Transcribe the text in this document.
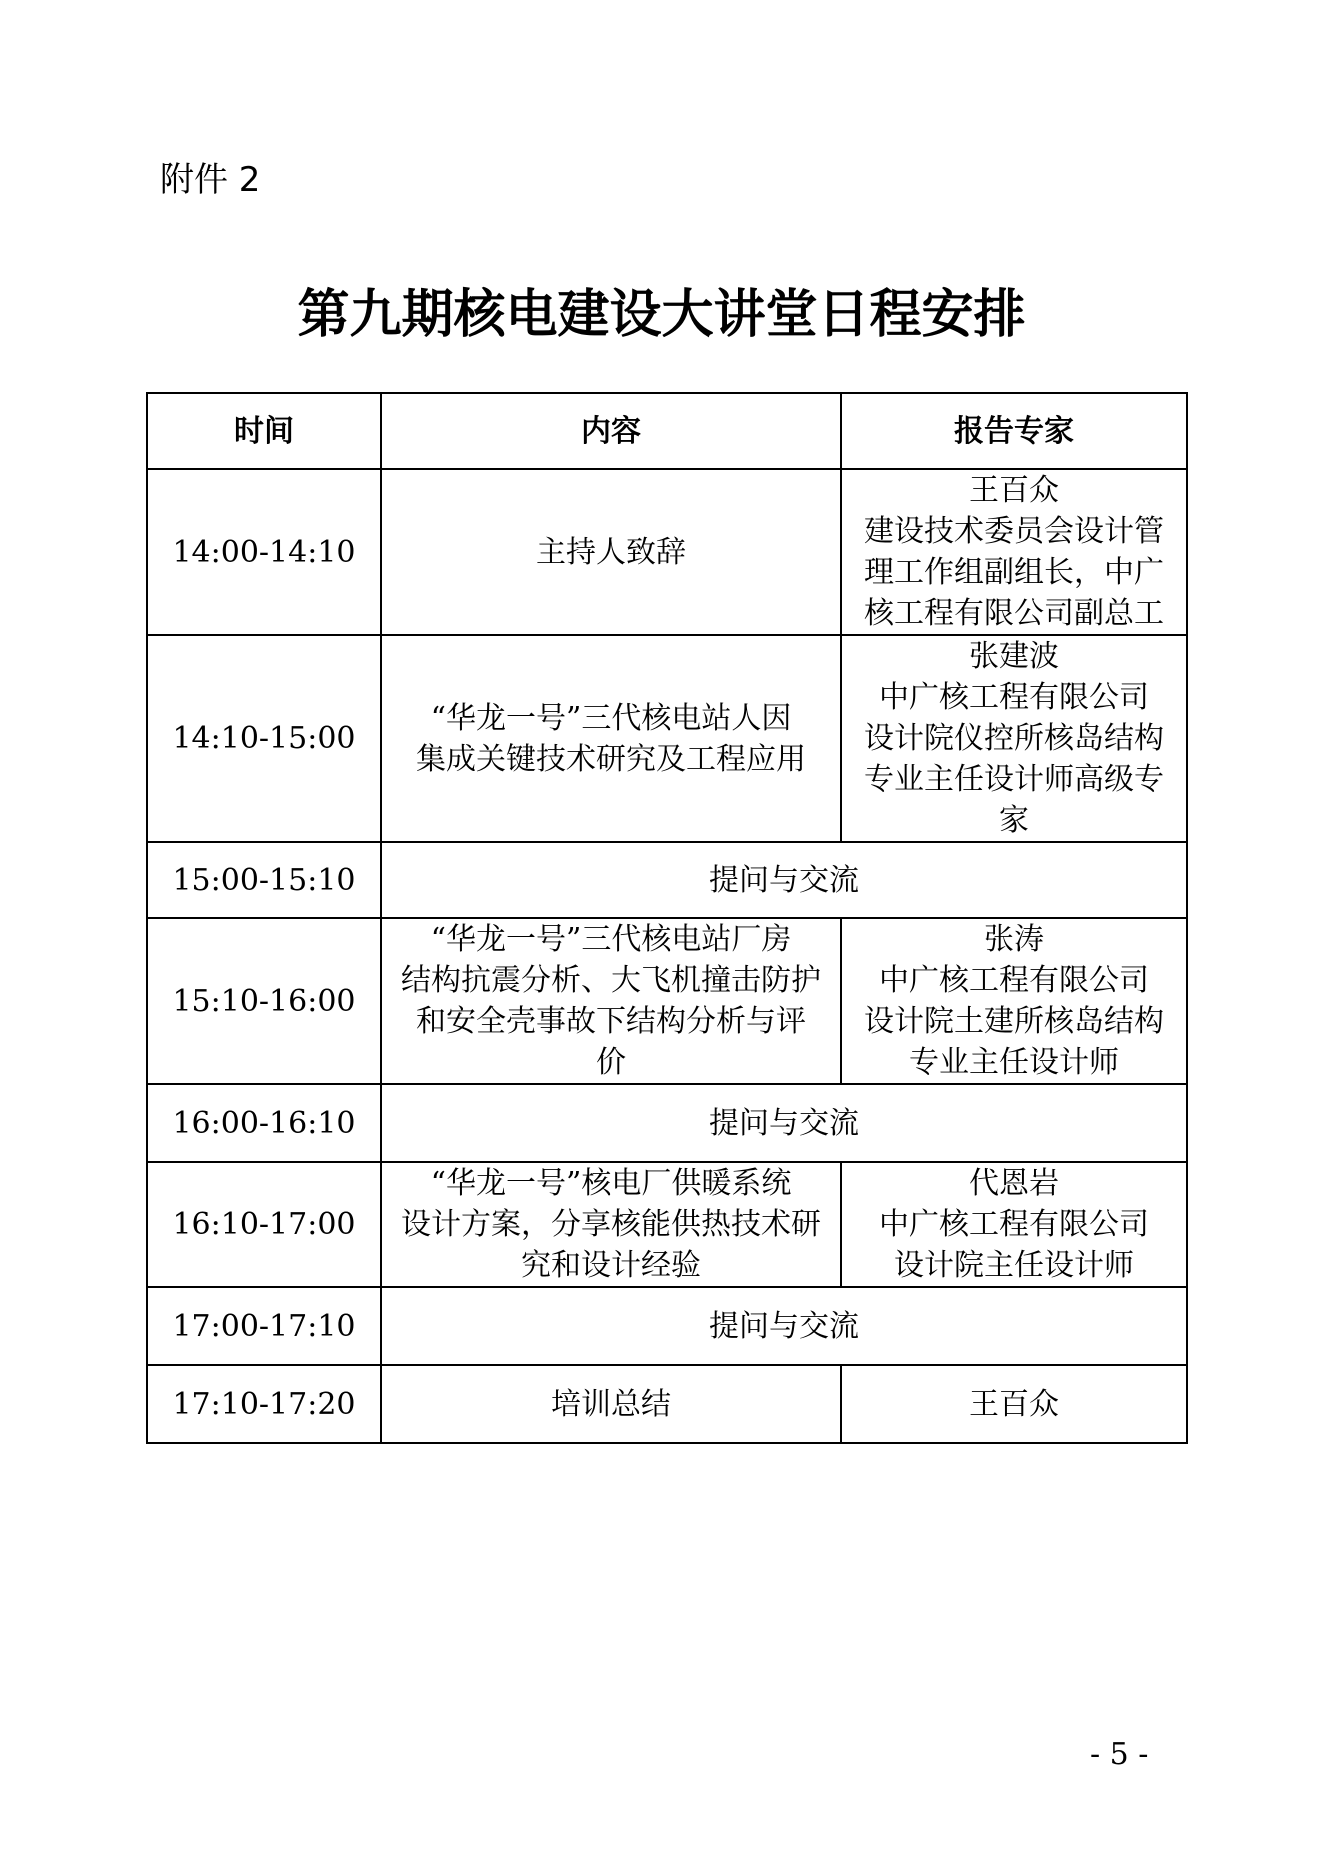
附件 2
第九期核电建设大讲堂日程安排
时间	内容	报告专家
14:00-14:10	主持人致辞	王百众
建设技术委员会设计管
理工作组副组长，中广
核工程有限公司副总工

14:10-15:00	“华龙一号”三代核电站人因
集成关键技术研究及工程应用	张建波
中广核工程有限公司
设计院仪控所核岛结构
专业主任设计师高级专
家

15:00-15:10	提问与交流	
15:10-16:00	“华龙一号”三代核电站厂房
结构抗震分析、大飞机撞击防护
和安全壳事故下结构分析与评
价	张涛
中广核工程有限公司
设计院土建所核岛结构
专业主任设计师

16:00-16:10	提问与交流	
16:10-17:00	“华龙一号”核电厂供暖系统
设计方案，分享核能供热技术研
究和设计经验	代恩岩
中广核工程有限公司
设计院主任设计师

17:00-17:10	提问与交流	
17:10-17:20	培训总结	王百众
- 5 -
